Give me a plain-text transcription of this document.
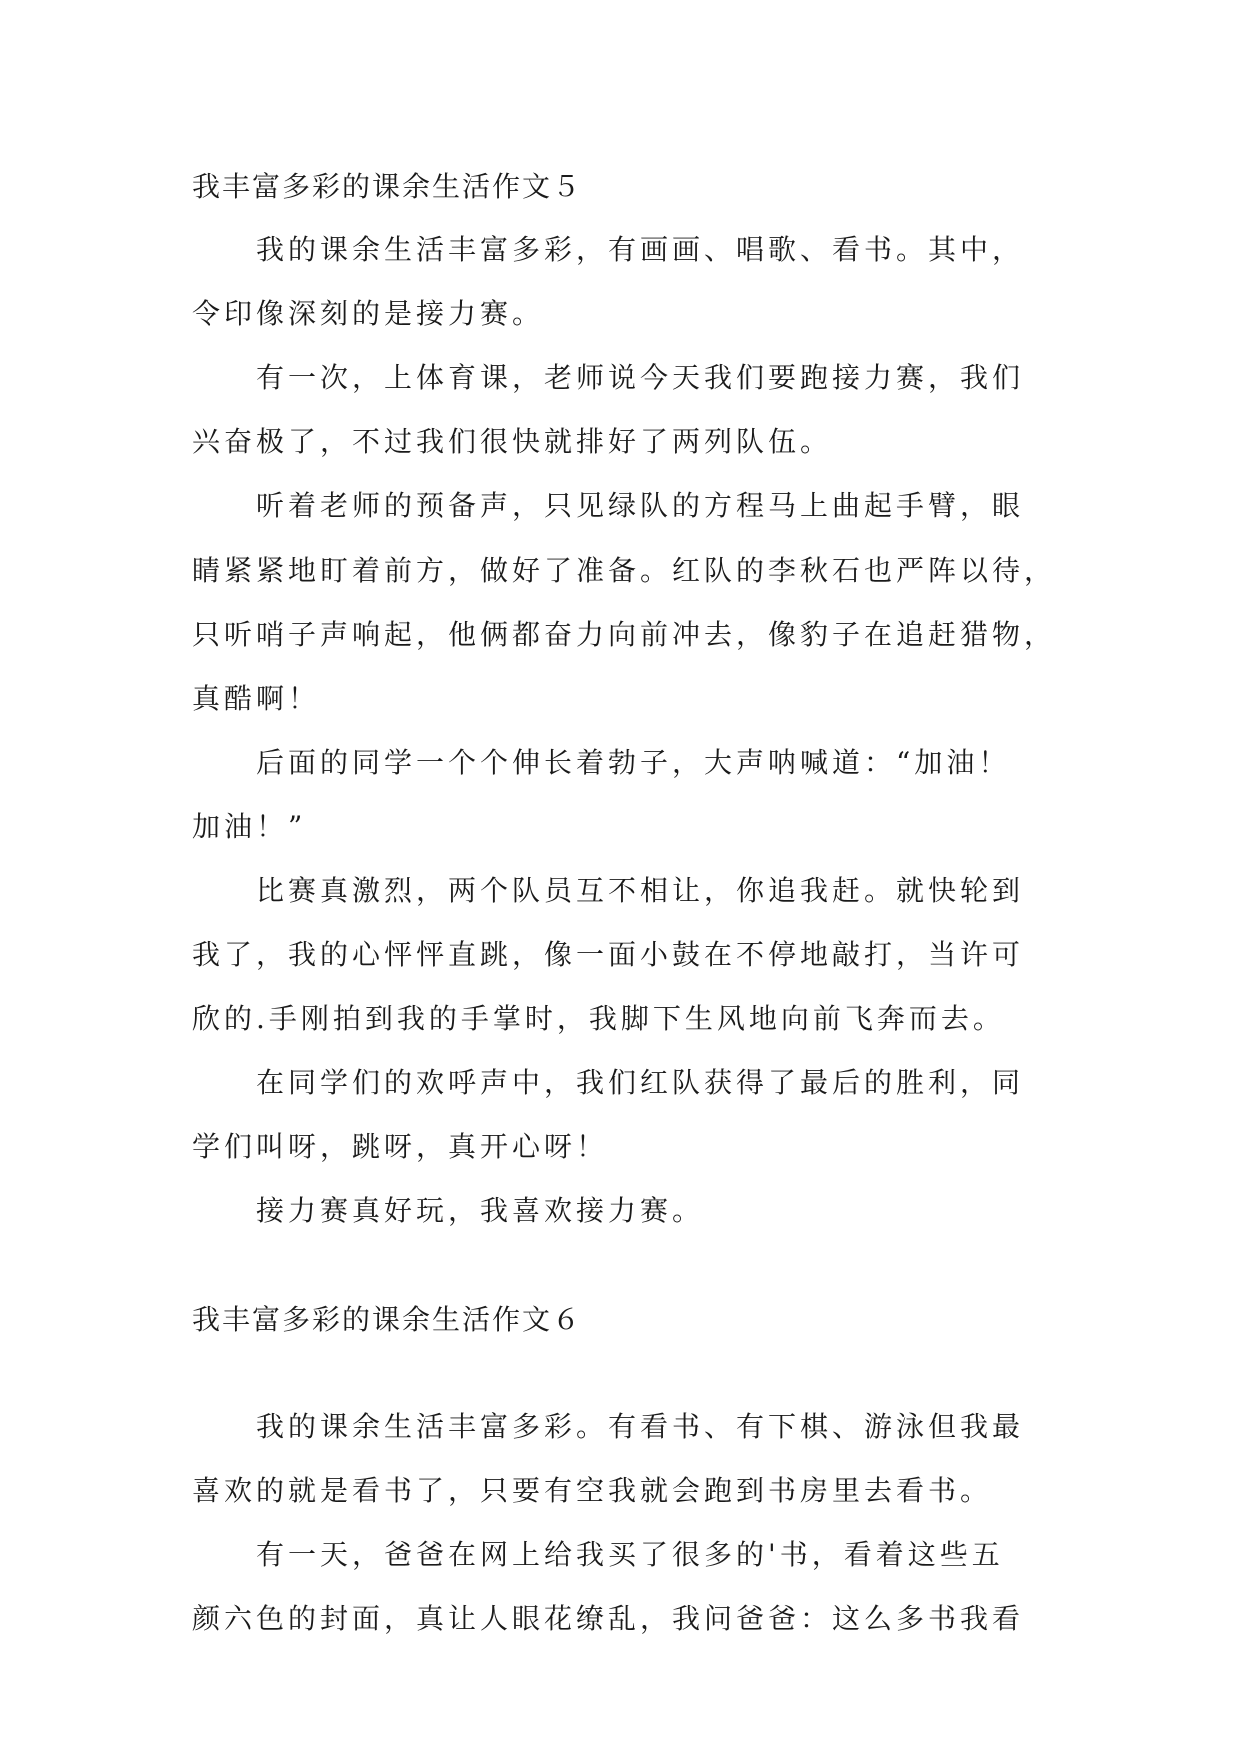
我丰富多彩的课余生活作文５
我的课余生活丰富多彩，有画画、唱歌、看书。其中，
令印像深刻的是接力赛。
有一次，上体育课，老师说今天我们要跑接力赛，我们
兴奋极了，不过我们很快就排好了两列队伍。
听着老师的预备声，只见绿队的方程马上曲起手臂，眼
睛紧紧地盯着前方，做好了准备。红队的李秋石也严阵以待，
只听哨子声响起，他俩都奋力向前冲去，像豹子在追赶猎物，
真酷啊！
后面的同学一个个伸长着勃子，大声呐喊道：“加油！
加油！”
比赛真激烈，两个队员互不相让，你追我赶。就快轮到
我了，我的心怦怦直跳，像一面小鼓在不停地敲打，当许可
欣的.手刚拍到我的手掌时，我脚下生风地向前飞奔而去。
在同学们的欢呼声中，我们红队获得了最后的胜利，同
学们叫呀，跳呀，真开心呀！
接力赛真好玩，我喜欢接力赛。
我丰富多彩的课余生活作文６
我的课余生活丰富多彩。有看书、有下棋、游泳但我最
喜欢的就是看书了，只要有空我就会跑到书房里去看书。
有一天，爸爸在网上给我买了很多的'书，看着这些五
颜六色的封面，真让人眼花缭乱，我问爸爸：这么多书我看
